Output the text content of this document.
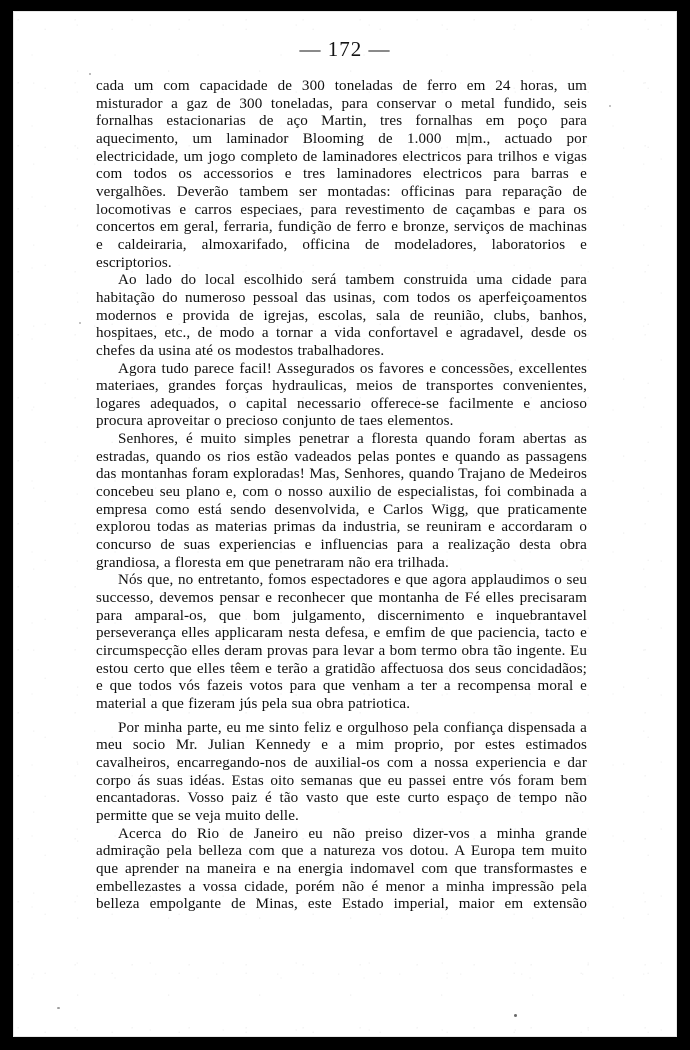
— 172 —

cada um com capacidade de 300 toneladas de ferro em 24 horas, um misturador a gaz de 300 toneladas, para conservar o metal fundido, seis fornalhas estacionarias de aço Martin, tres fornalhas em poço para aquecimento, um laminador Blooming de 1.000 m|m., actuado por electricidade, um jogo completo de laminadores electricos para trilhos e vigas com todos os accessorios e tres laminadores electricos para barras e vergalhões. Deverão tambem ser montadas: officinas para reparação de locomotivas e carros especiaes, para revestimento de caçambas e para os concertos em geral, ferraria, fundição de ferro e bronze, serviços de machinas e caldeiraria, almoxarifado, officina de modeladores, laboratorios e escriptorios.

Ao lado do local escolhido será tambem construida uma cidade para habitação do numeroso pessoal das usinas, com todos os aperfeiçoamentos modernos e provida de igrejas, escolas, sala de reunião, clubs, banhos, hospitaes, etc., de modo a tornar a vida confortavel e agradavel, desde os chefes da usina até os modestos trabalhadores.

Agora tudo parece facil! Assegurados os favores e concessões, excellentes materiaes, grandes forças hydraulicas, meios de transportes convenientes, logares adequados, o capital necessario offerece-se facilmente e ancioso procura aproveitar o precioso conjunto de taes elementos.

Senhores, é muito simples penetrar a floresta quando foram abertas as estradas, quando os rios estão vadeados pelas pontes e quando as passagens das montanhas foram exploradas! Mas, Senhores, quando Trajano de Medeiros concebeu seu plano e, com o nosso auxilio de especialistas, foi combinada a empresa como está sendo desenvolvida, e Carlos Wigg, que praticamente explorou todas as materias primas da industria, se reuniram e accordaram o concurso de suas experiencias e influencias para a realização desta obra grandiosa, a floresta em que penetraram não era trilhada.

Nós que, no entretanto, fomos espectadores e que agora applaudimos o seu successo, devemos pensar e reconhecer que montanha de Fé elles precisaram para amparal-os, que bom julgamento, discernimento e inquebrantavel perseverança elles applicaram nesta defesa, e emfim de que paciencia, tacto e circumspecção elles deram provas para levar a bom termo obra tão ingente. Eu estou certo que elles têem e terão a gratidão affectuosa dos seus concidadãos; e que todos vós fazeis votos para que venham a ter a recompensa moral e material a que fizeram jús pela sua obra patriotica.

Por minha parte, eu me sinto feliz e orgulhoso pela confiança dispensada a meu socio Mr. Julian Kennedy e a mim proprio, por estes estimados cavalheiros, encarregando-nos de auxilial-os com a nossa experiencia e dar corpo ás suas idéas. Estas oito semanas que eu passei entre vós foram bem encantadoras. Vosso paiz é tão vasto que este curto espaço de tempo não permitte que se veja muito delle.

Acerca do Rio de Janeiro eu não preiso dizer-vos a minha grande admiração pela belleza com que a natureza vos dotou. A Europa tem muito que aprender na maneira e na energia indomavel com que transformastes e embellezastes a vossa cidade, porém não é menor a minha impressão pela belleza empolgante de Minas, este Estado imperial, maior em extensão
